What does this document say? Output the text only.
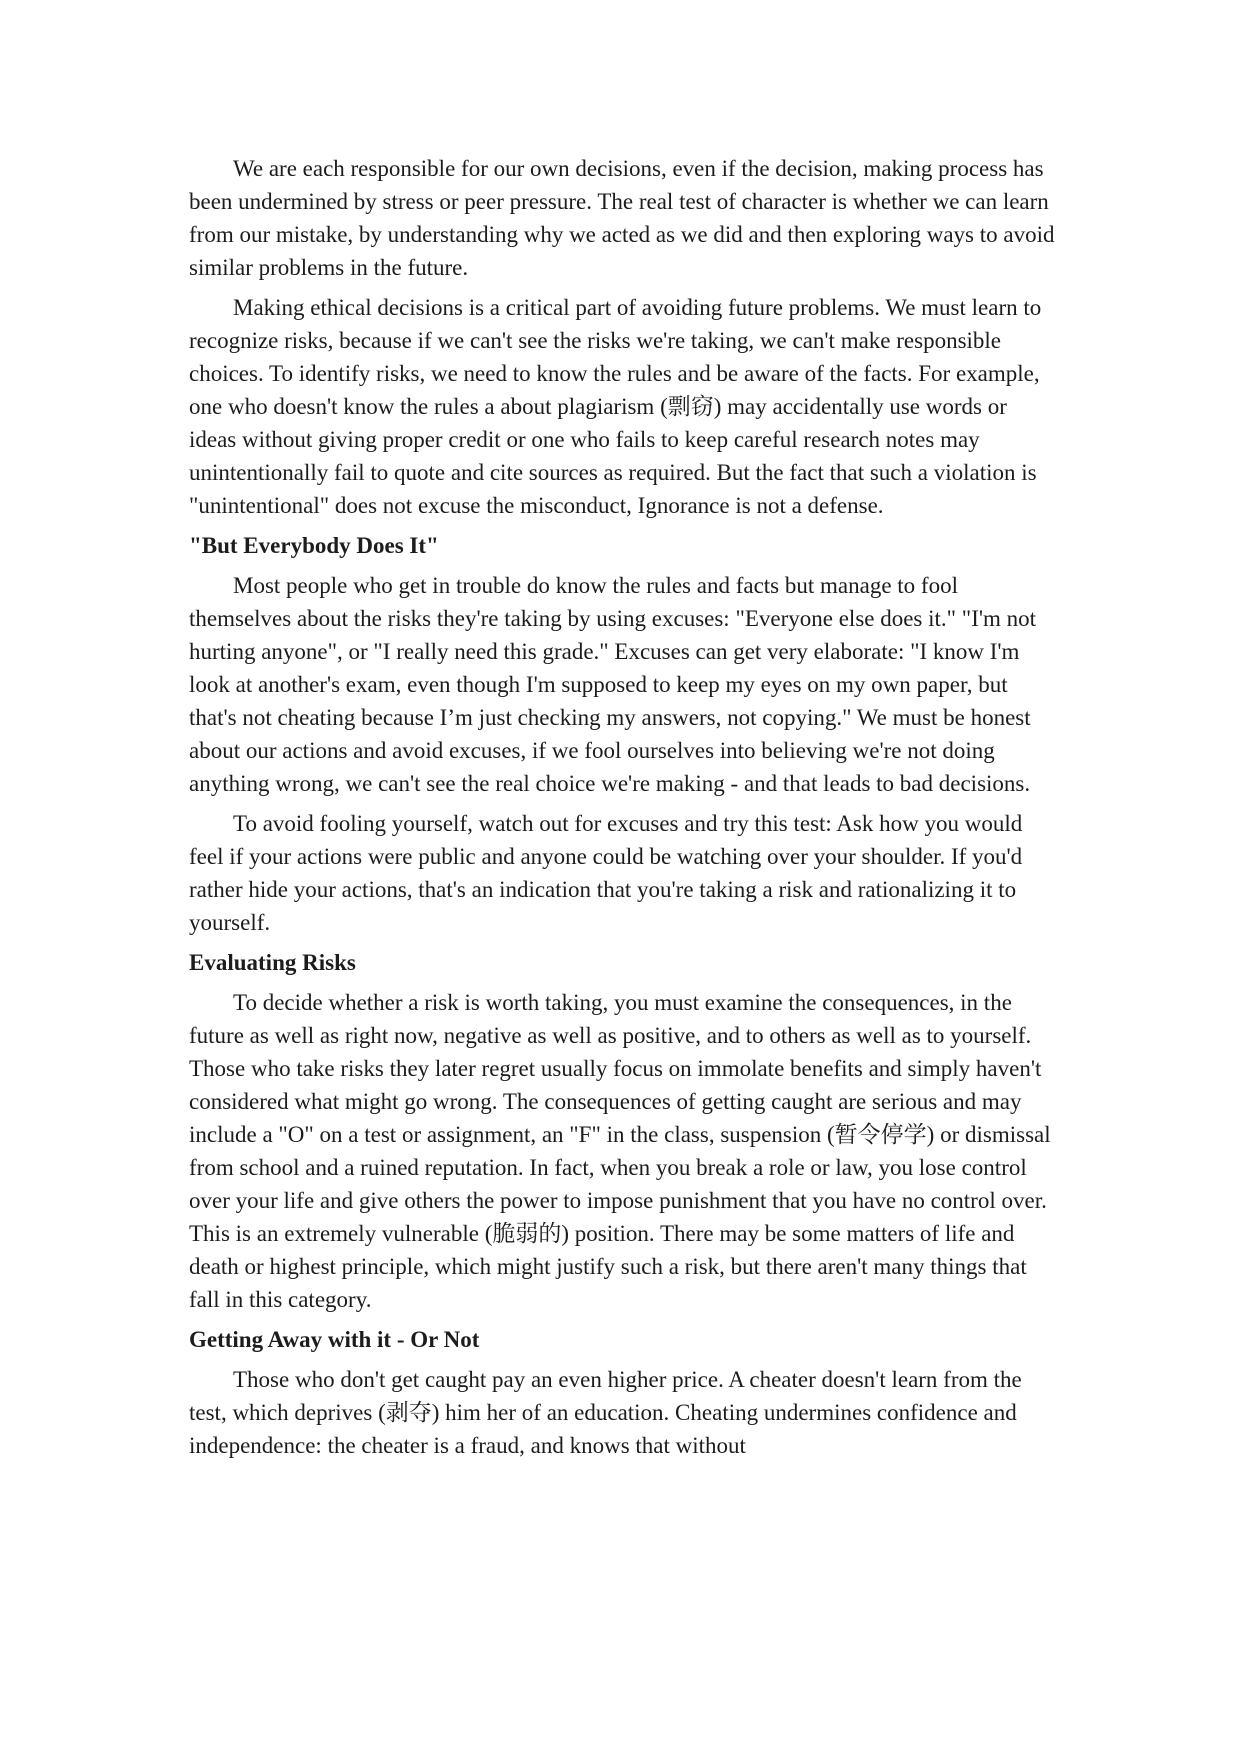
We are each responsible for our own decisions, even if the decision, making process has been undermined by stress or peer pressure. The real test of character is whether we can learn from our mistake, by understanding why we acted as we did and then exploring ways to avoid similar problems in the future.

Making ethical decisions is a critical part of avoiding future problems. We must learn to recognize risks, because if we can't see the risks we're taking, we can't make responsible choices. To identify risks, we need to know the rules and be aware of the facts. For example, one who doesn't know the rules a about plagiarism (剽窃) may accidentally use words or ideas without giving proper credit or one who fails to keep careful research notes may unintentionally fail to quote and cite sources as required. But the fact that such a violation is "unintentional" does not excuse the misconduct, Ignorance is not a defense.

"But Everybody Does It"

Most people who get in trouble do know the rules and facts but manage to fool themselves about the risks they're taking by using excuses: "Everyone else does it." "I'm not hurting anyone", or "I really need this grade." Excuses can get very elaborate: "I know I'm look at another's exam, even though I'm supposed to keep my eyes on my own paper, but that's not cheating because I’m just checking my answers, not copying." We must be honest about our actions and avoid excuses, if we fool ourselves into believing we're not doing anything wrong, we can't see the real choice we're making - and that leads to bad decisions.

To avoid fooling yourself, watch out for excuses and try this test: Ask how you would feel if your actions were public and anyone could be watching over your shoulder. If you'd rather hide your actions, that's an indication that you're taking a risk and rationalizing it to yourself.

Evaluating Risks

To decide whether a risk is worth taking, you must examine the consequences, in the future as well as right now, negative as well as positive, and to others as well as to yourself. Those who take risks they later regret usually focus on immolate benefits and simply haven't considered what might go wrong. The consequences of getting caught are serious and may include a "O" on a test or assignment, an "F" in the class, suspension (暂令停学) or dismissal from school and a ruined reputation. In fact, when you break a role or law, you lose control over your life and give others the power to impose punishment that you have no control over. This is an extremely vulnerable (脆弱的) position. There may be some matters of life and death or highest principle, which might justify such a risk, but there aren't many things that fall in this category.

Getting Away with it - Or Not

Those who don't get caught pay an even higher price. A cheater doesn't learn from the test, which deprives (剥夺) him her of an education. Cheating undermines confidence and independence: the cheater is a fraud, and knows that without
